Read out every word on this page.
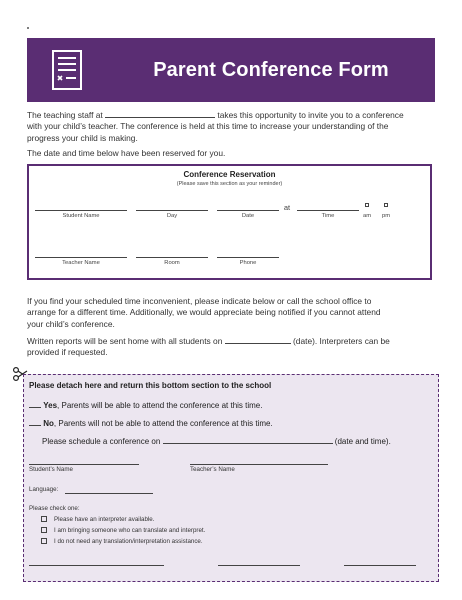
Parent Conference Form
The teaching staff at	takes this opportunity to invite you to a conference
with your child’s teacher. The conference is held at this time to increase your understanding of the
progress your child is making.
The date and time below have been reserved for you.
Conference Reservation
(Please save this section as your reminder)
Student Name	Day	Date
at
Time	am	pm
Teacher Name	Room	Phone
If you find your scheduled time inconvenient, please indicate below or call the school office to
arrange for a different time. Additionally, we would appreciate being notified if you cannot attend
your child’s conference.
Written reports will be sent home with all students on	(date). Interpreters can be
provided if requested.
Please detach here and return this bottom section to the school
Yes, Parents will be able to attend the conference at this time.
No, Parents will not be able to attend the conference at this time.
Please schedule a conference on	(date and time).
Student’s Name	Teacher’s Name
Language:
Please check one:
Please have an interpreter available.
I am bringing someone who can translate and interpret.
I do not need any translation/interpretation assistance.
